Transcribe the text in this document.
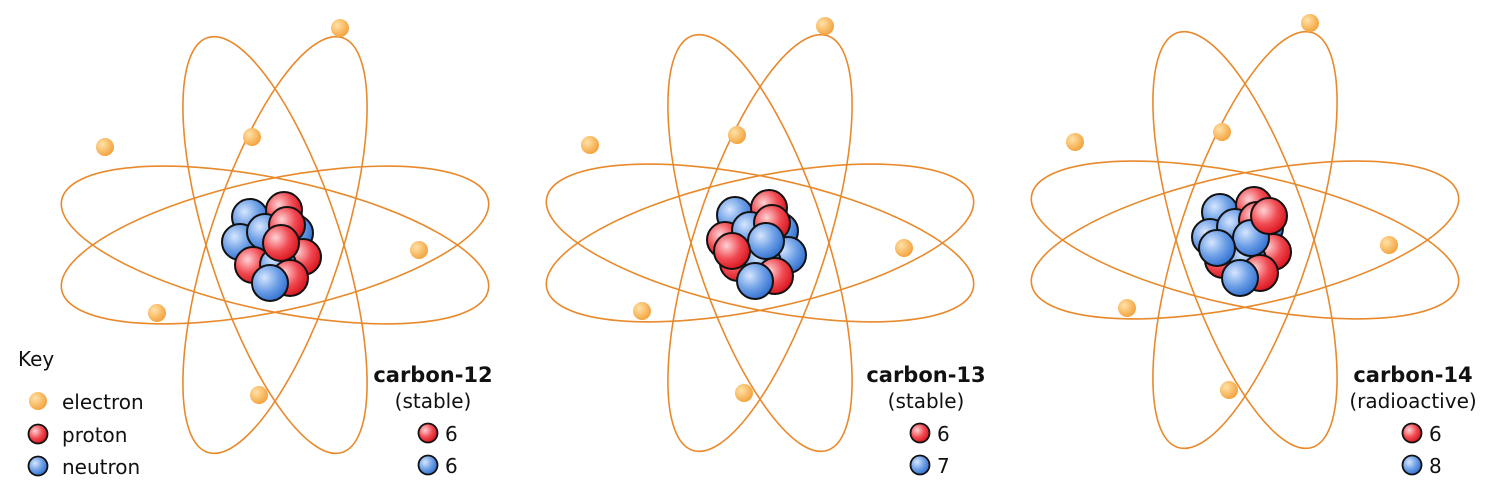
Key
electron
proton
neutron
carbon-12
(stable)
6
6
carbon-13
(stable)
6
7
carbon-14
(radioactive)
6
8
